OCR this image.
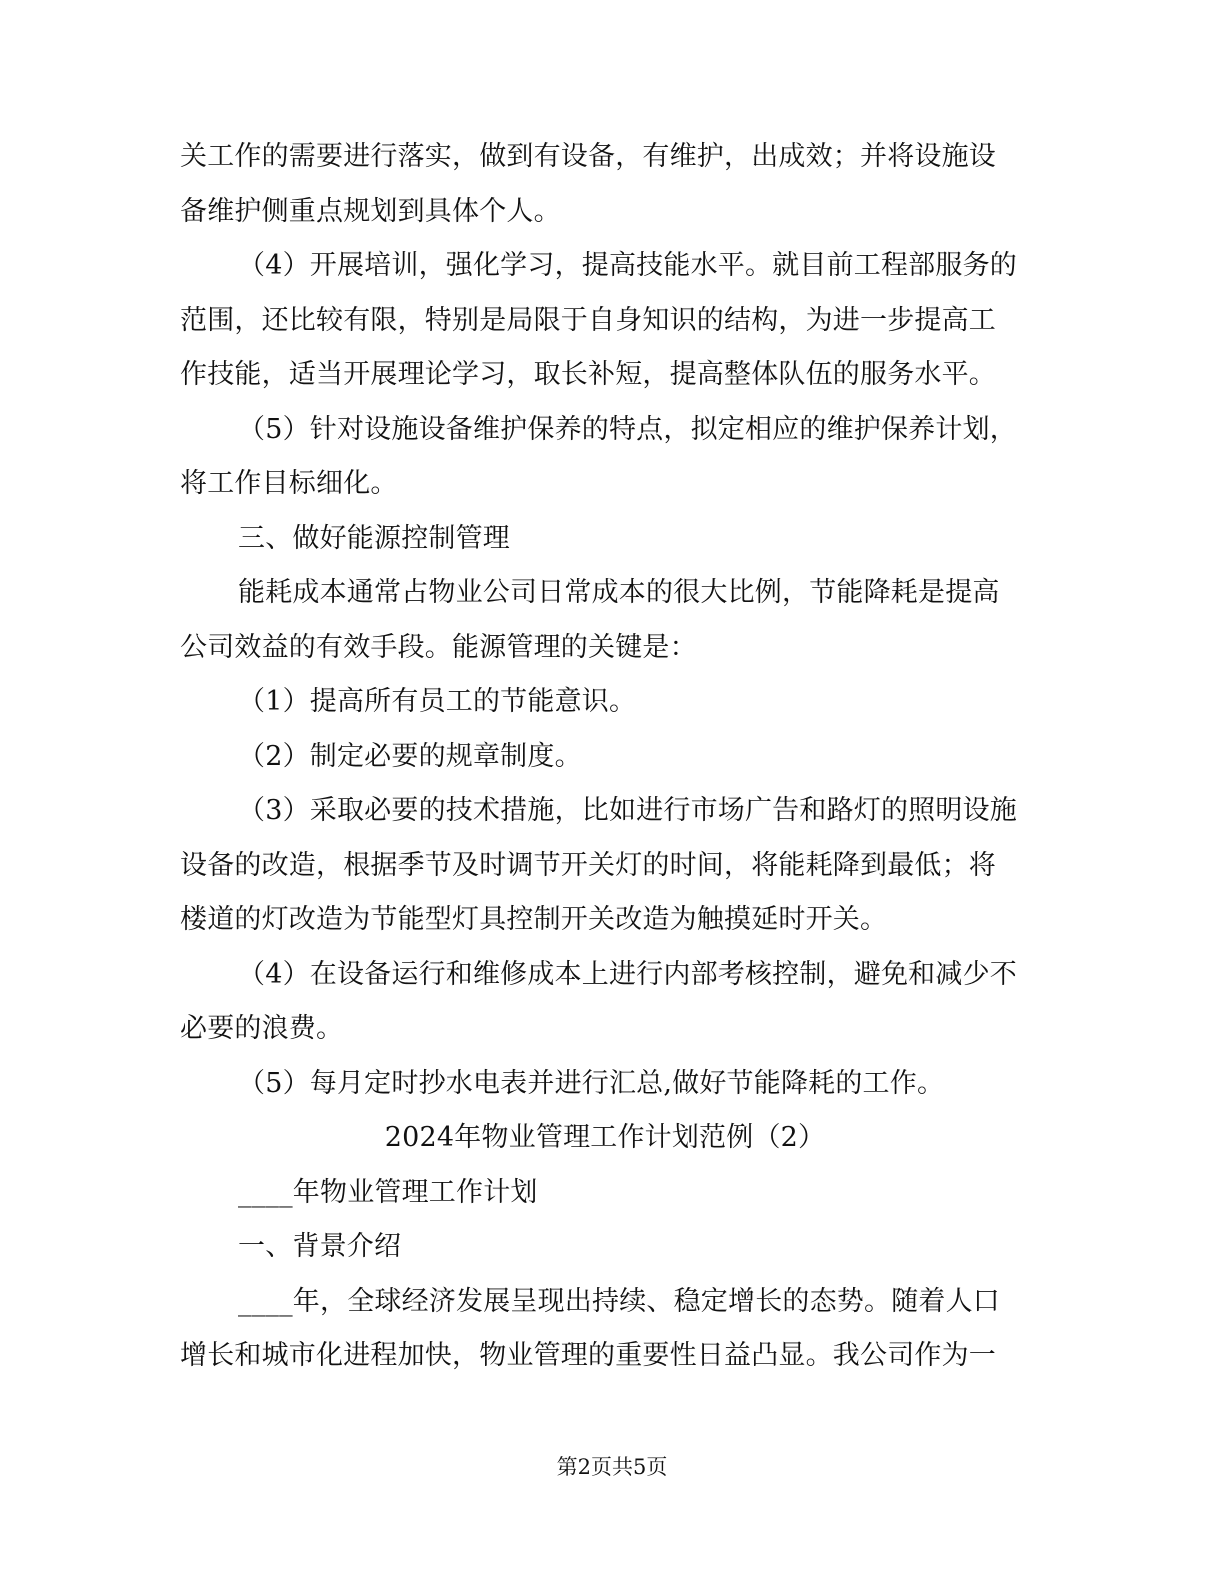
关工作的需要进行落实，做到有设备，有维护，出成效；并将设施设
备维护侧重点规划到具体个人。
（4）开展培训，强化学习，提高技能水平。就目前工程部服务的
范围，还比较有限，特别是局限于自身知识的结构，为进一步提高工
作技能，适当开展理论学习，取长补短，提高整体队伍的服务水平。
（5）针对设施设备维护保养的特点，拟定相应的维护保养计划，
将工作目标细化。
三、做好能源控制管理
能耗成本通常占物业公司日常成本的很大比例，节能降耗是提高
公司效益的有效手段。能源管理的关键是：
（1）提高所有员工的节能意识。
（2）制定必要的规章制度。
（3）采取必要的技术措施，比如进行市场广告和路灯的照明设施
设备的改造，根据季节及时调节开关灯的时间，将能耗降到最低；将
楼道的灯改造为节能型灯具控制开关改造为触摸延时开关。
（4）在设备运行和维修成本上进行内部考核控制，避免和减少不
必要的浪费。
（5）每月定时抄水电表并进行汇总,做好节能降耗的工作。
2024年物业管理工作计划范例（2）
____年物业管理工作计划
一、背景介绍
____年，全球经济发展呈现出持续、稳定增长的态势。随着人口
增长和城市化进程加快，物业管理的重要性日益凸显。我公司作为一
第2页共5页
